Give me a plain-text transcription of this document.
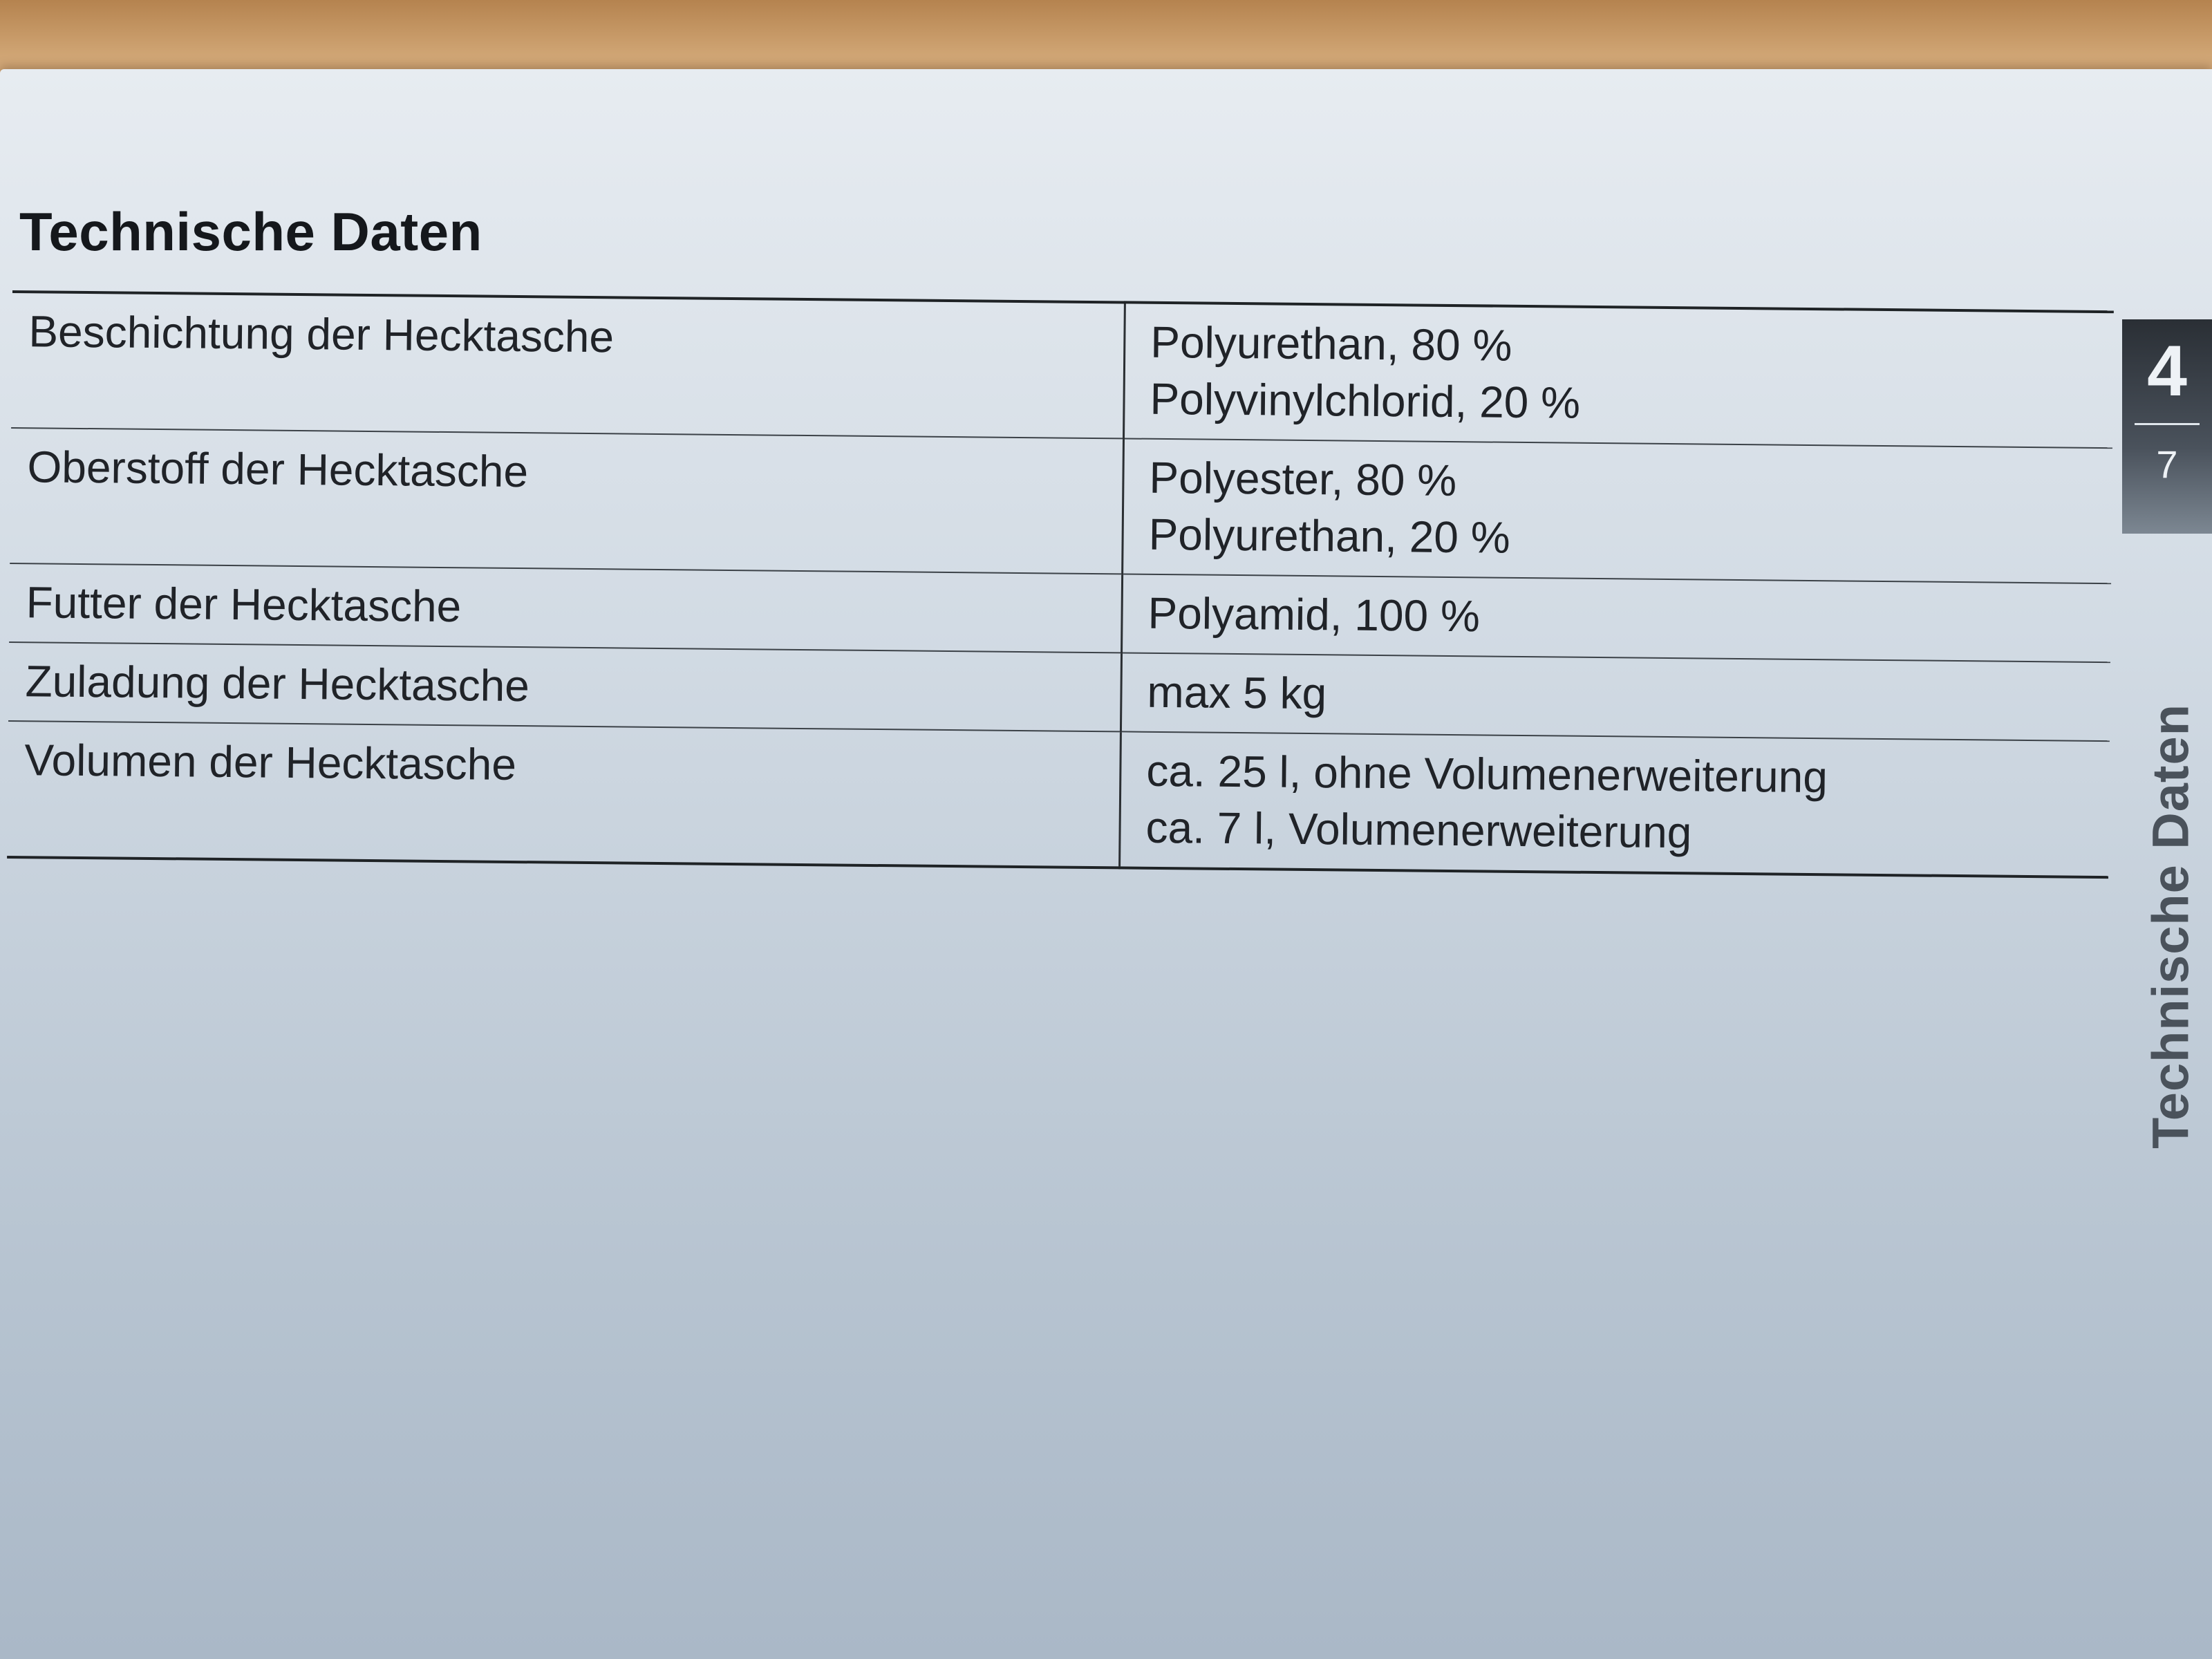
Technische Daten
Beschichtung der Hecktasche	Polyurethan, 80 %
Polyvinylchlorid, 20 %

Oberstoff der Hecktasche	Polyester, 80 %
Polyurethan, 20 %

Futter der Hecktasche	Polyamid, 100 %

Zuladung der Hecktasche	max 5 kg

Volumen der Hecktasche	ca. 25 l, ohne Volumenerweiterung
ca. 7 l, Volumenerweiterung
4
7
Technische Daten
